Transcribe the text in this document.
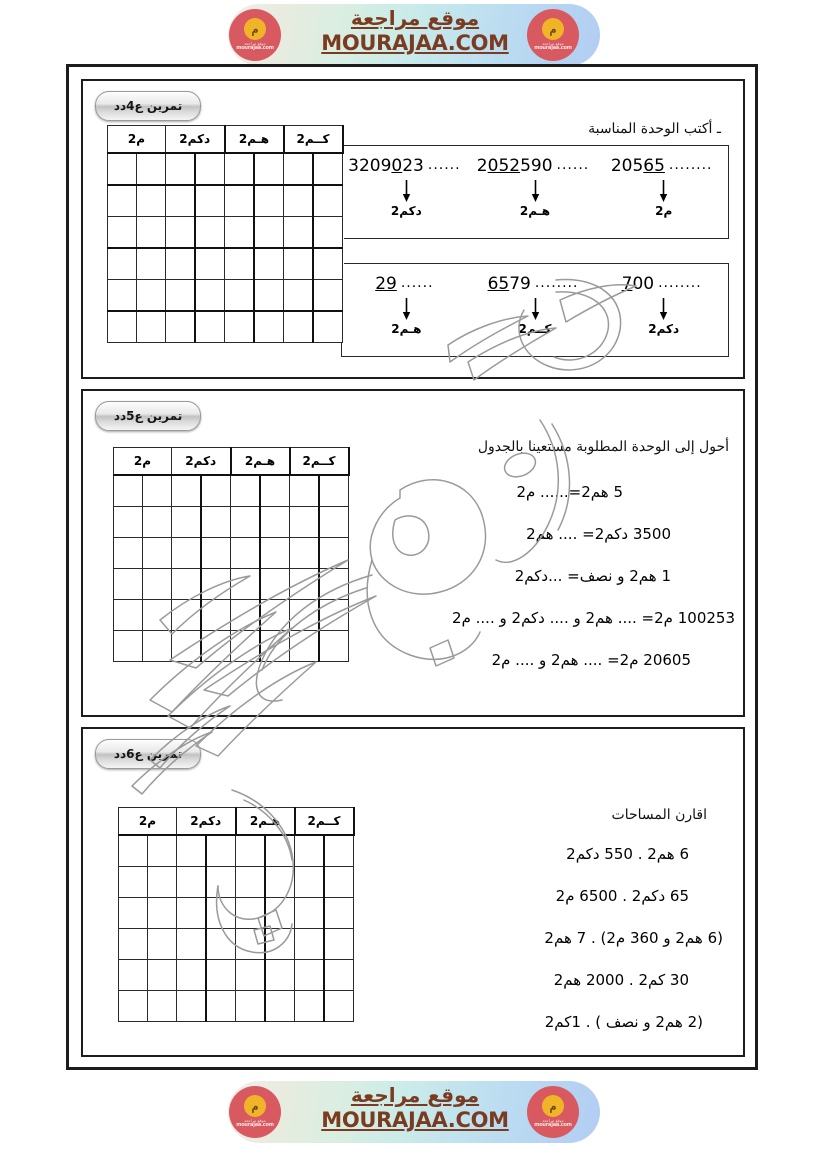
م
موقع مراجعة
mourajaa.com
م
موقع مراجعة
mourajaa.com
موقع مراجعة
MOURAJAA.COM
تمرين ع4دد
ـ أكتب الوحدة المناسبة
........20565
م2
......2052590
هـم2
......3209023
دكم2
........700
دكم2
........6579
كــم2
......29
هـم2
كــم2		هـم2		دكم2		م2	

تمرين ع5دد
أحول إلى الوحدة المطلوبة مستعينا بالجدول
5 هم2=...... م2
3500 دكم2= .... هم2
1 هم2 و نصف= ...دكم2
100253 م2= .... هم2 و .... دكم2 و .... م2
20605 م2= .... هم2 و .... م2
كــم2		هـم2		دكم2		م2	

تمرين ع6دد
اقارن المساحات
6 هم2 . 550 دكم2
65 دكم2 . 6500 م2
(6 هم2 و 360 م2) . 7 هم2
30 كم2 . 2000 هم2
(2 هم2 و نصف ) . 1كم2
كــم2		هـم2		دكم2		م2	

م
موقع مراجعة
mourajaa.com
م
موقع مراجعة
mourajaa.com
موقع مراجعة
MOURAJAA.COM
